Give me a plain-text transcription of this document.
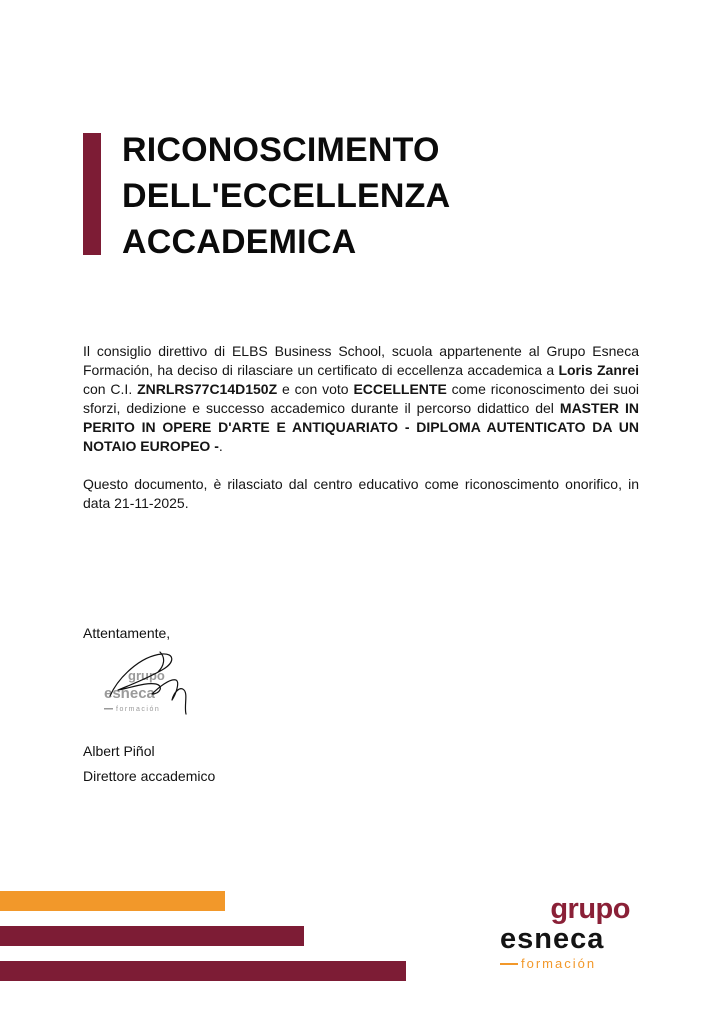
RICONOSCIMENTO
DELL'ECCELLENZA
ACCADEMICA

Il consiglio direttivo di ELBS Business School, scuola appartenente al Grupo Esneca Formación, ha deciso di rilasciare un certificato di eccellenza accademica a Loris Zanrei con C.I. ZNRLRS77C14D150Z e con voto ECCELLENTE come riconoscimento dei suoi sforzi, dedizione e successo accademico durante il percorso didattico del MASTER IN PERITO IN OPERE D'ARTE E ANTIQUARIATO - DIPLOMA AUTENTICATO DA UN NOTAIO EUROPEO -.

Questo documento, è rilasciato dal centro educativo come riconoscimento onorifico, in data 21-11-2025.

Attentamente,
grupo
esneca
formación
Albert Piñol
Direttore accademico
grupo
esneca
formación
